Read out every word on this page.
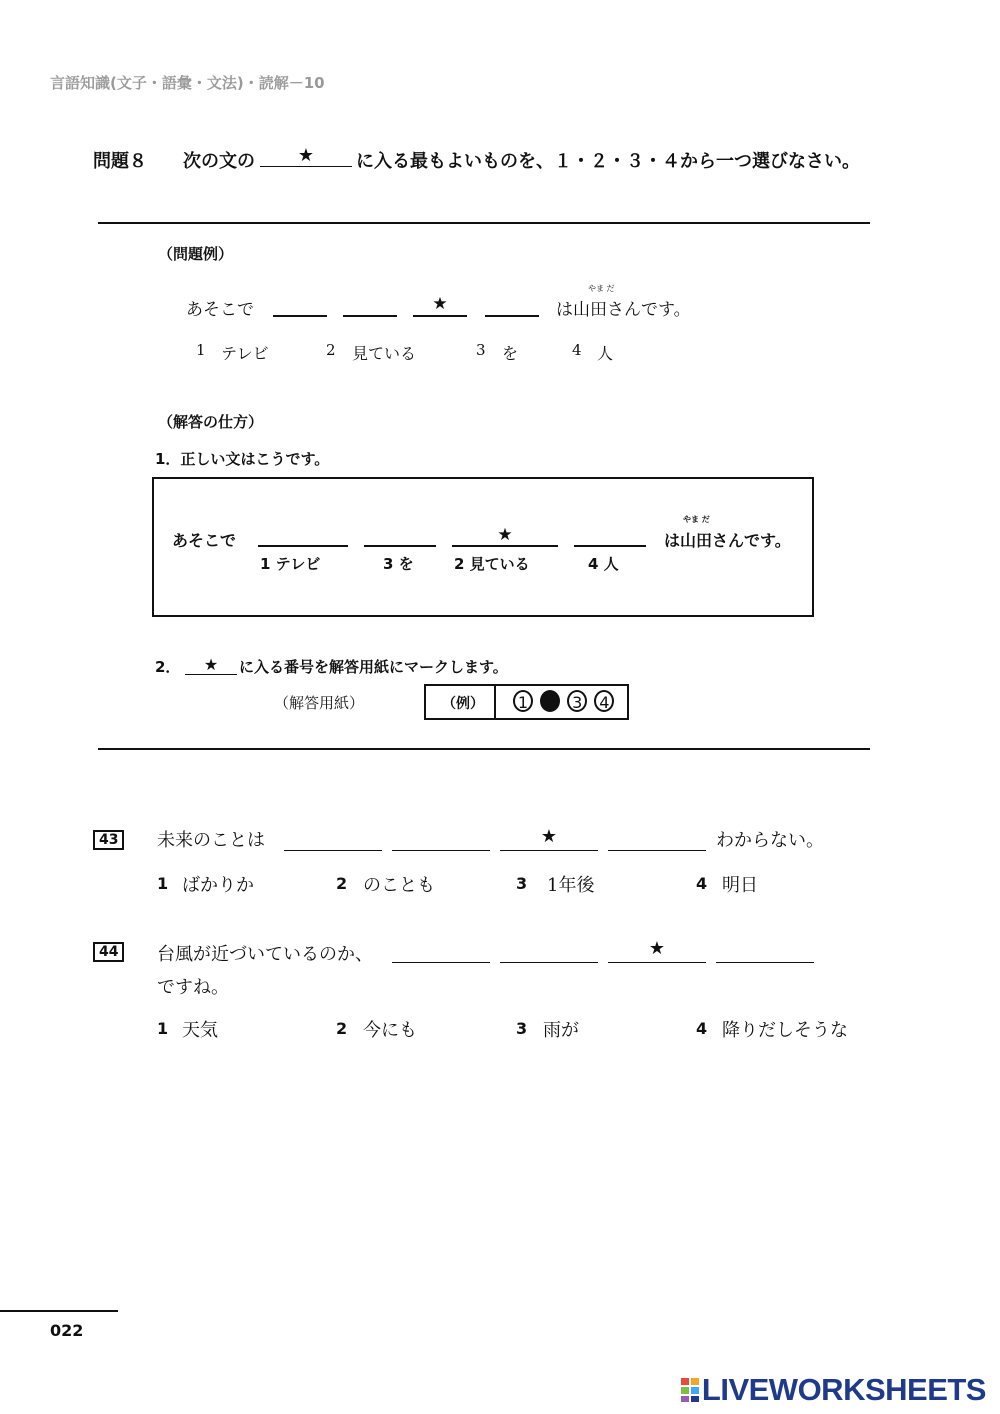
言語知識(文子・語彙・文法)・読解－10
問題８ 次の文の	★	に入る最もよいものを、１・２・３・４から一つ選びなさい。
（問題例）
あそこで	★
やま だ
は山田さんです。
1 テレビ	2 見ている	3 を	4 人
（解答の仕方）
1．正しい文はこうです。
あそこで
1 テレビ	3 を
★
2 見ている	4 人
やま だ
は山田さんです。
2．	★	に入る番号を解答用紙にマークします。
（解答用紙）	（例）	1 2 3 4
43	未来のことは	★	わからない。
1 ばかりか	2 のことも	3 1年後	4 明日
44	台風が近づいているのか、	★
ですね。
1 天気	2 今にも	3 雨が	4 降りだしそうな
022
LIVEWORKSHEETS
